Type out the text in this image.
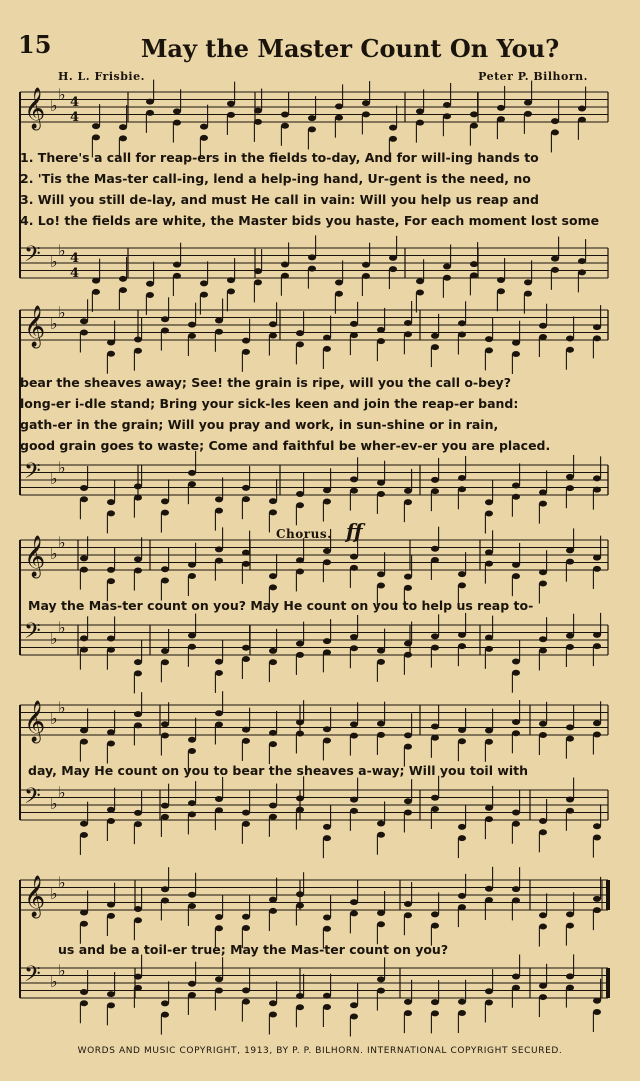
15	May the Master Count On You?
H. L. Frisbie.	Peter P. Bilhorn.
𝄞
𝄢
♭
♭
♭
♭
4
4
4
4
𝄞
𝄢
♭
♭
♭
♭
𝄞
𝄢
♭
♭
♭
♭
𝄞
𝄢
♭
♭
♭
♭
𝄞
𝄢
♭
♭
♭
♭
1. There's a call for reap-ers in the fields to-day, And for will-ing hands to
2. 'Tis the Mas-ter call-ing, lend a help-ing hand, Ur-gent is the need, no
3. Will you still de-lay, and must He call in vain: Will you help us reap and
4. Lo! the fields are white, the Master bids you haste, For each moment lost some
bear the sheaves away; See! the grain is ripe, will you the call o-bey?
long-er i-dle stand; Bring your sick-les keen and join the reap-er band:
gath-er in the grain; Will you pray and work, in sun-shine or in rain,
good grain goes to waste; Come and faithful be wher-ev-er you are placed.
Chorus. ff
May the Mas-ter count on you? May He count on you to help us reap to-
day, May He count on you to bear the sheaves a-way; Will you toil with
us and be a toil-er true; May the Mas-ter count on you?
WORDS AND MUSIC COPYRIGHT, 1913, BY P. P. BILHORN. INTERNATIONAL COPYRIGHT SECURED.
